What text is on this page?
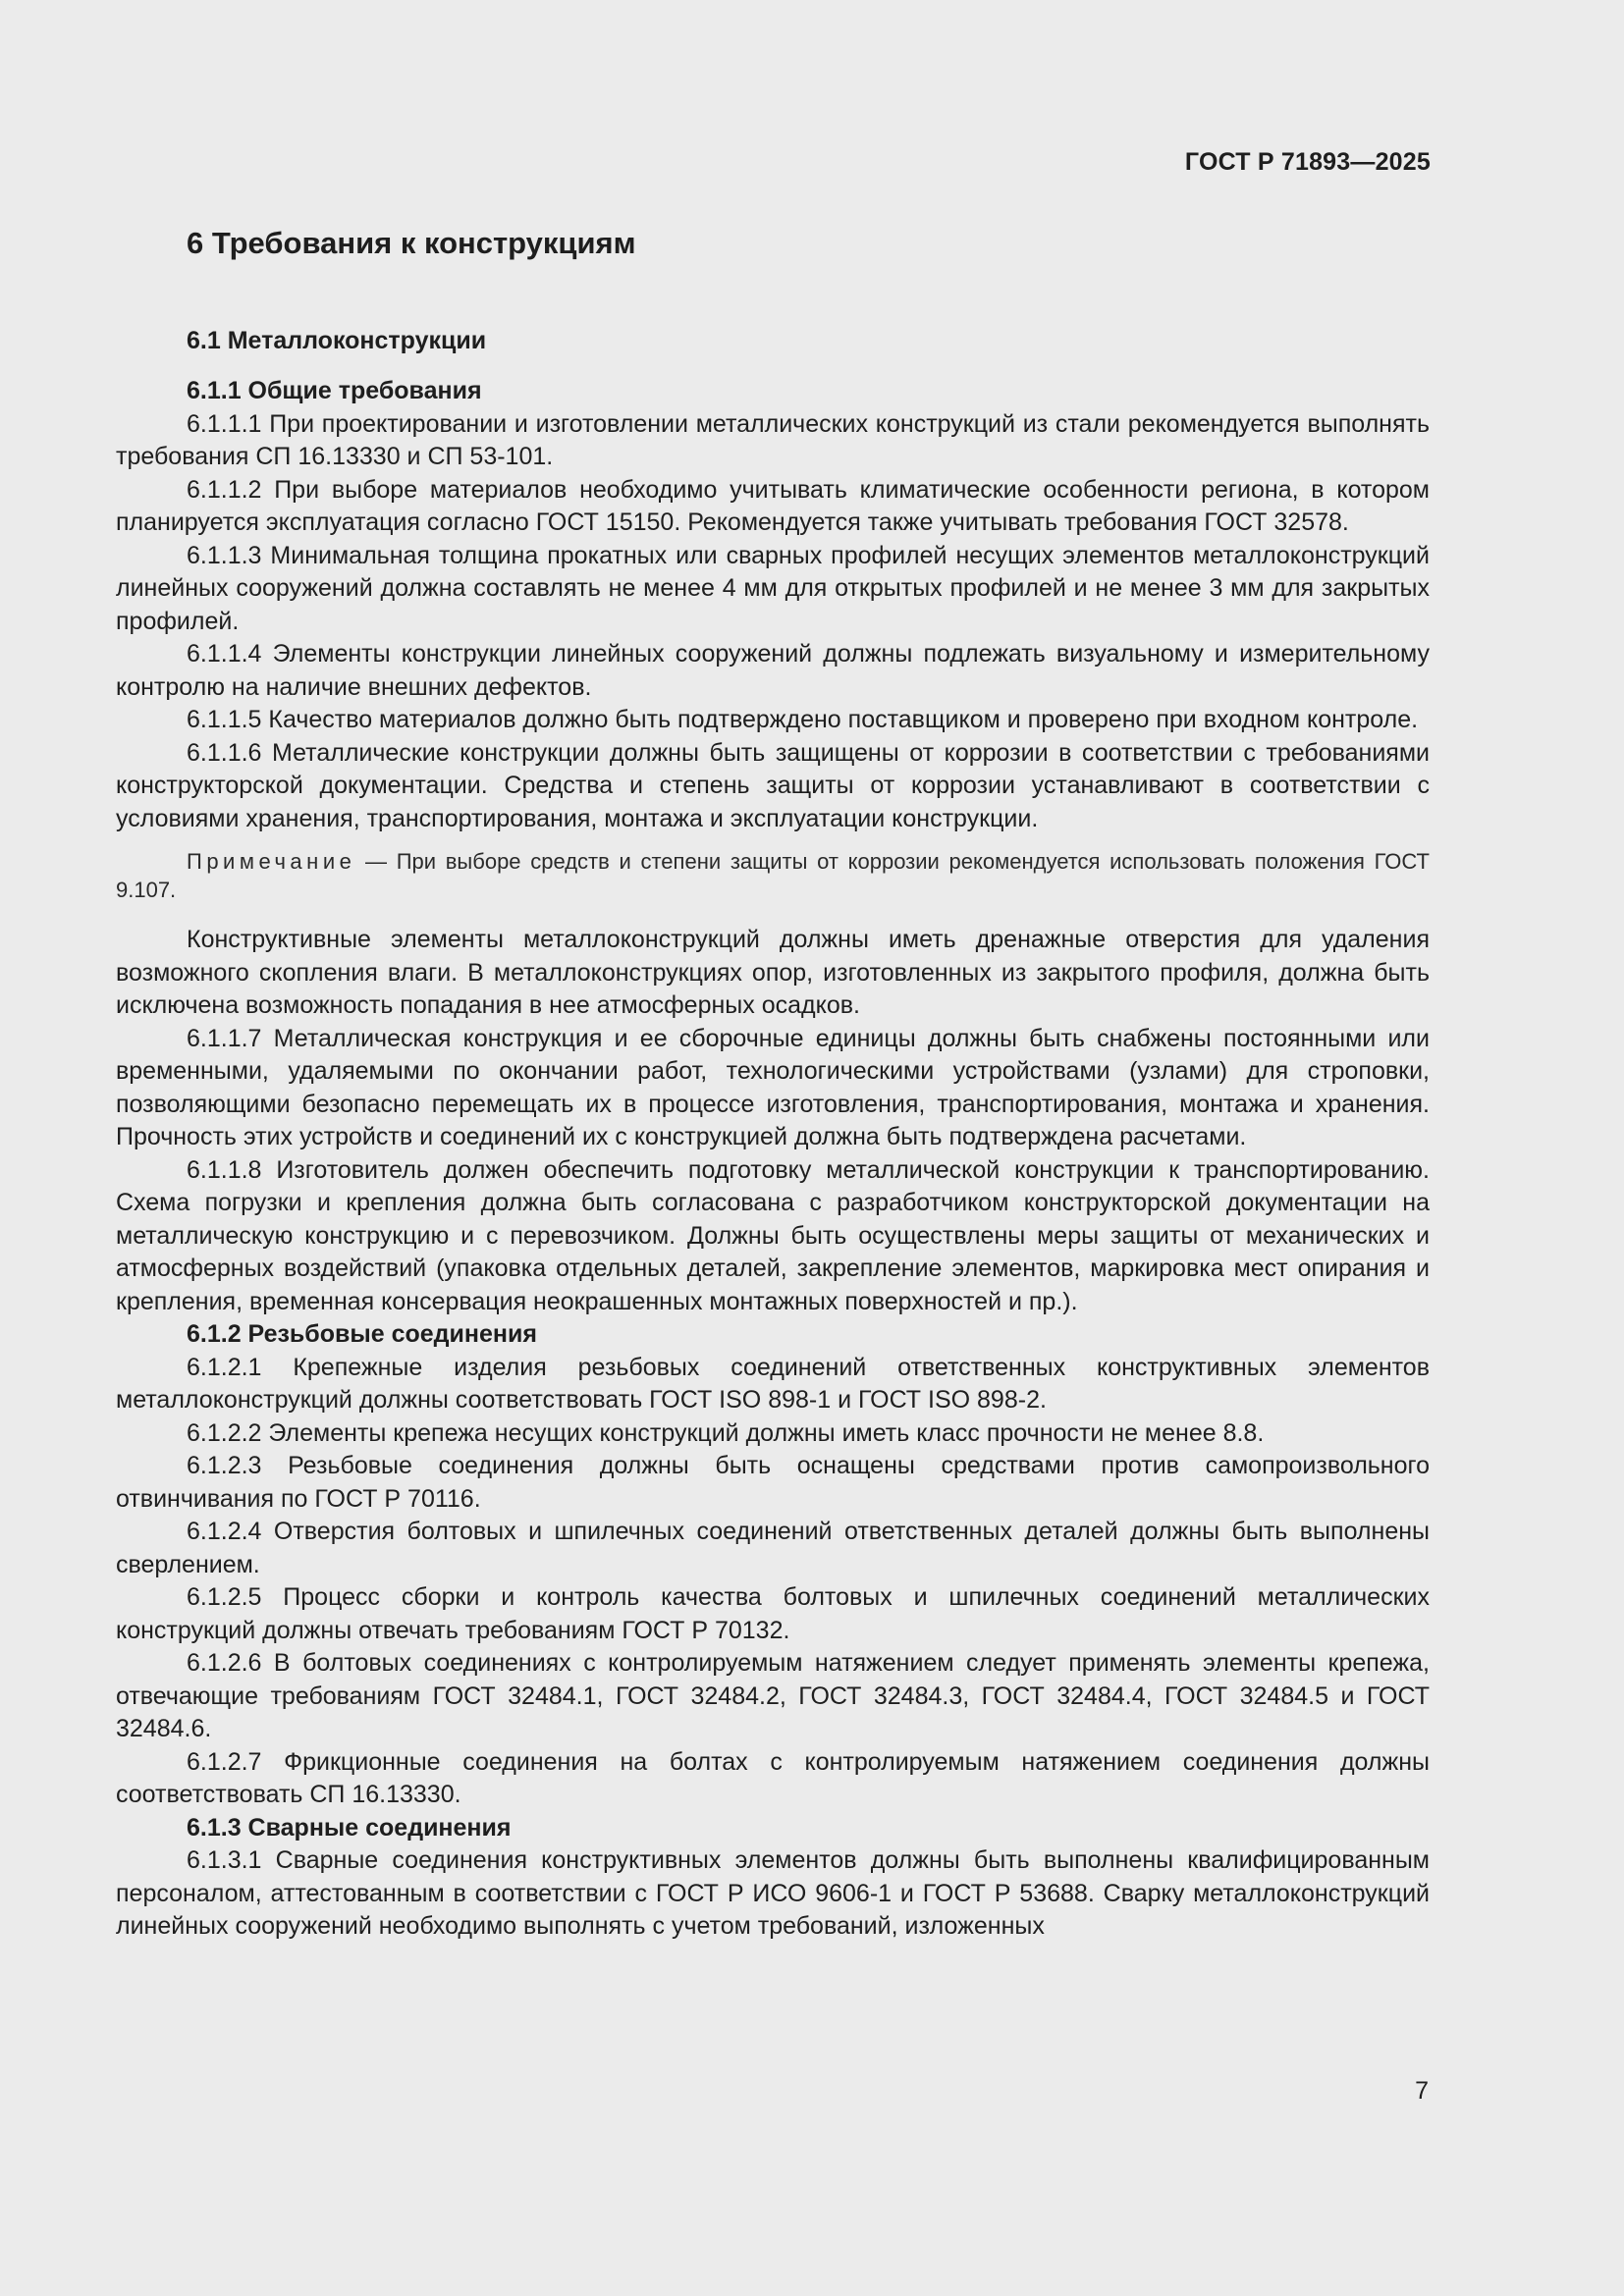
ГОСТ Р 71893—2025
6 Требования к конструкциям
6.1 Металлоконструкции
6.1.1 Общие требования

6.1.1.1 При проектировании и изготовлении металлических конструкций из стали рекомендуется выполнять требования СП 16.13330 и СП 53-101.

6.1.1.2 При выборе материалов необходимо учитывать климатические особенности региона, в котором планируется эксплуатация согласно ГОСТ 15150. Рекомендуется также учитывать требования ГОСТ 32578.

6.1.1.3 Минимальная толщина прокатных или сварных профилей несущих элементов металлоконструкций линейных сооружений должна составлять не менее 4 мм для открытых профилей и не менее 3 мм для закрытых профилей.

6.1.1.4 Элементы конструкции линейных сооружений должны подлежать визуальному и измерительному контролю на наличие внешних дефектов.

6.1.1.5 Качество материалов должно быть подтверждено поставщиком и проверено при входном контроле.

6.1.1.6 Металлические конструкции должны быть защищены от коррозии в соответствии с требованиями конструкторской документации. Средства и степень защиты от коррозии устанавливают в соответствии с условиями хранения, транспортирования, монтажа и эксплуатации конструкции.

Примечание — При выборе средств и степени защиты от коррозии рекомендуется использовать положения ГОСТ 9.107.

Конструктивные элементы металлоконструкций должны иметь дренажные отверстия для удаления возможного скопления влаги. В металлоконструкциях опор, изготовленных из закрытого профиля, должна быть исключена возможность попадания в нее атмосферных осадков.

6.1.1.7 Металлическая конструкция и ее сборочные единицы должны быть снабжены постоянными или временными, удаляемыми по окончании работ, технологическими устройствами (узлами) для строповки, позволяющими безопасно перемещать их в процессе изготовления, транспортирования, монтажа и хранения. Прочность этих устройств и соединений их с конструкцией должна быть подтверждена расчетами.

6.1.1.8 Изготовитель должен обеспечить подготовку металлической конструкции к транспортированию. Схема погрузки и крепления должна быть согласована с разработчиком конструкторской документации на металлическую конструкцию и с перевозчиком. Должны быть осуществлены меры защиты от механических и атмосферных воздействий (упаковка отдельных деталей, закрепление элементов, маркировка мест опирания и крепления, временная консервация неокрашенных монтажных поверхностей и пр.).

6.1.2 Резьбовые соединения

6.1.2.1 Крепежные изделия резьбовых соединений ответственных конструктивных элементов металлоконструкций должны соответствовать ГОСТ ISO 898-1 и ГОСТ ISO 898-2.

6.1.2.2 Элементы крепежа несущих конструкций должны иметь класс прочности не менее 8.8.

6.1.2.3 Резьбовые соединения должны быть оснащены средствами против самопроизвольного отвинчивания по ГОСТ Р 70116.

6.1.2.4 Отверстия болтовых и шпилечных соединений ответственных деталей должны быть выполнены сверлением.

6.1.2.5 Процесс сборки и контроль качества болтовых и шпилечных соединений металлических конструкций должны отвечать требованиям ГОСТ Р 70132.

6.1.2.6 В болтовых соединениях с контролируемым натяжением следует применять элементы крепежа, отвечающие требованиям ГОСТ 32484.1, ГОСТ 32484.2, ГОСТ 32484.3, ГОСТ 32484.4, ГОСТ 32484.5 и ГОСТ 32484.6.

6.1.2.7 Фрикционные соединения на болтах с контролируемым натяжением соединения должны соответствовать СП 16.13330.

6.1.3 Сварные соединения

6.1.3.1 Сварные соединения конструктивных элементов должны быть выполнены квалифицированным персоналом, аттестованным в соответствии с ГОСТ Р ИСО 9606-1 и ГОСТ Р 53688. Сварку металлоконструкций линейных сооружений необходимо выполнять с учетом требований, изложенных

7
